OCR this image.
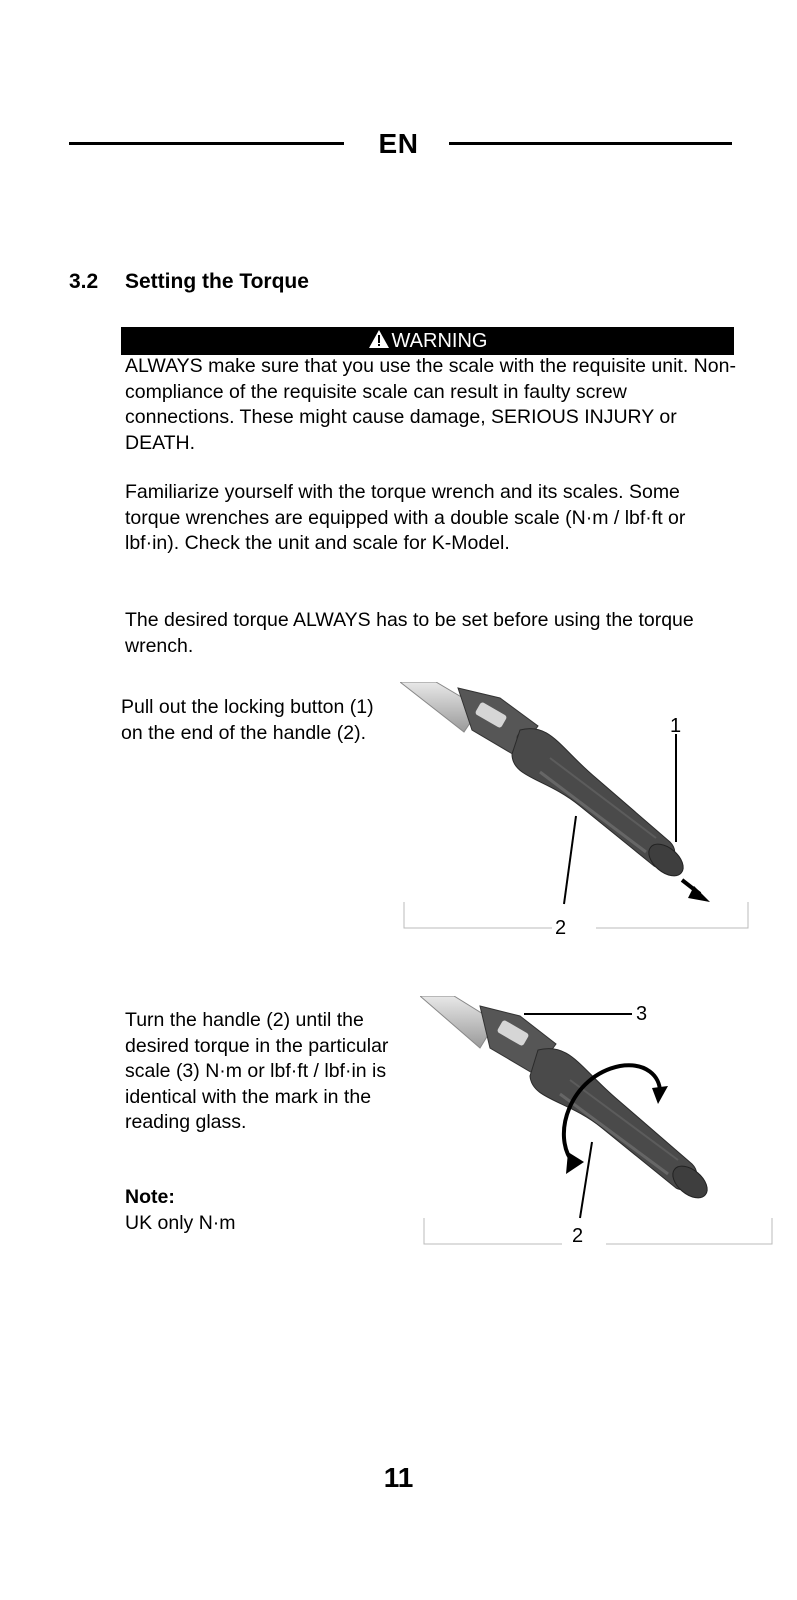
EN
3.2 Setting the Torque
WARNING
ALWAYS make sure that you use the scale with the requisite unit. Non-compliance of the requisite scale can result in faulty screw connections. These might cause damage, SERIOUS INJURY or DEATH.
Familiarize yourself with the torque wrench and its scales. Some torque wrenches are equipped with a double scale (N·m / lbf·ft or lbf·in). Check the unit and scale for K-Model.
The desired torque ALWAYS has to be set before using the torque wrench.
Pull out the locking button (1) on the end of the handle (2).	1
2
Turn the handle (2) until the desired torque in the particular scale (3) N·m or lbf·ft / lbf·in is identical with the mark in the reading glass.
3
2
Note:
UK only N·m
11
